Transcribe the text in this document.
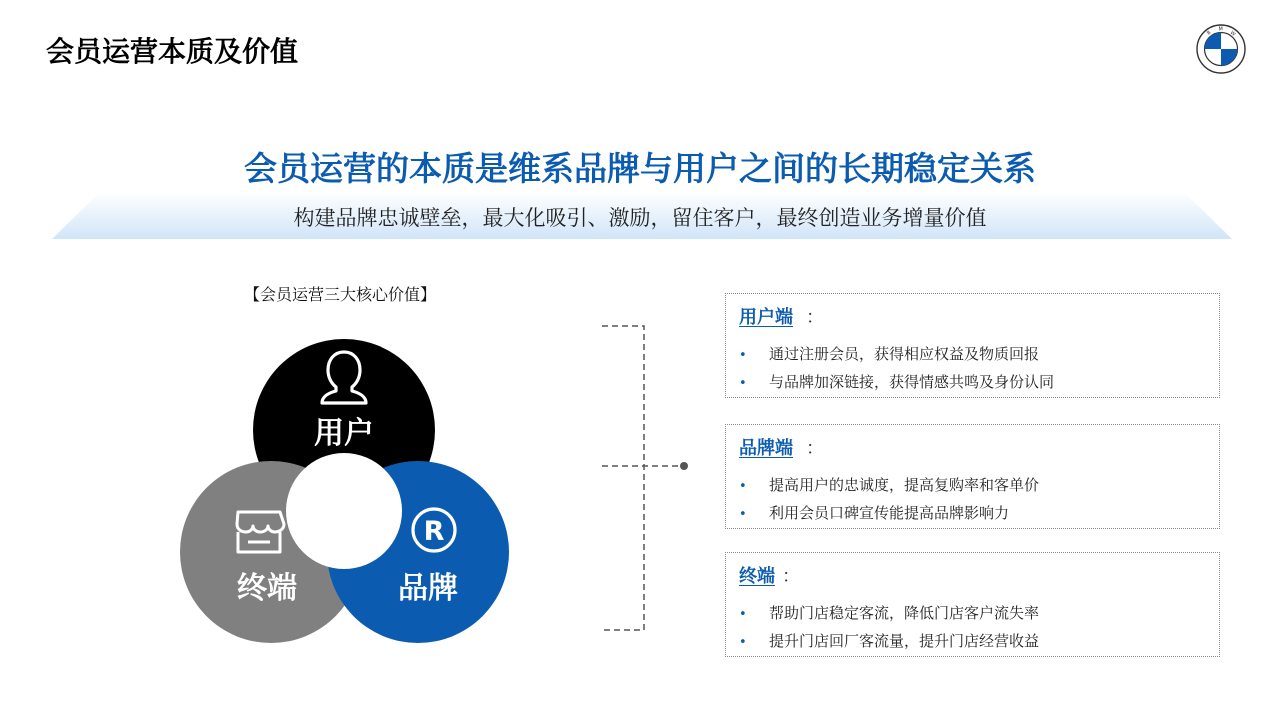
会员运营本质及价值
B
M
W
会员运营的本质是维系品牌与用户之间的长期稳定关系
构建品牌忠诚壁垒，最大化吸引、激励，留住客户，最终创造业务增量价值
【会员运营三大核心价值】
用户
终端
R
品牌
用户端 ：
• 通过注册会员，获得相应权益及物质回报
• 与品牌加深链接，获得情感共鸣及身份认同
品牌端 ：
• 提高用户的忠诚度，提高复购率和客单价
• 利用会员口碑宣传能提高品牌影响力
终端 ：
• 帮助门店稳定客流，降低门店客户流失率
• 提升门店回厂客流量，提升门店经营收益
